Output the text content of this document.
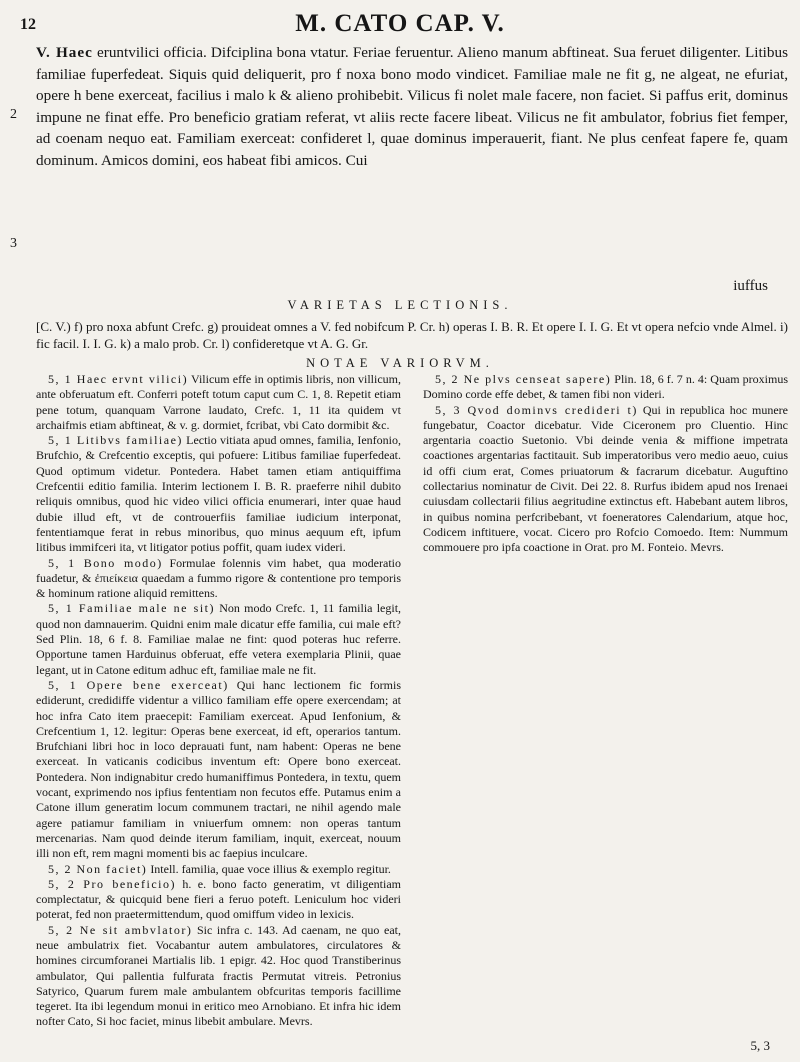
12	M. CATO CAP. V.

V. Haec eruntvilici officia. Difciplina bona vtatur. Feriae feruentur. Alieno manum abftineat. Sua feruet diligenter. Litibus familiae fuperfedeat. Siquis quid deliquerit, pro f noxa bono modo vindicet. Familiae male ne fit g, ne algeat, ne efuriat, opere h bene exerceat, facilius i malo k & alieno prohibebit. Vilicus fi nolet male facere, non faciet. Si paffus erit, dominus impune ne finat effe. Pro beneficio gratiam referat, vt aliis recte facere libeat. Vilicus ne fit ambulator, fobrius fiet femper, ad coenam nequo eat. Familiam exerceat: confideret l, quae dominus imperauerit, fiant. Ne plus cenfeat fapere fe, quam dominum. Amicos domini, eos habeat fibi amicos. Cui

2
3
iuffus
VARIETAS LECTIONIS.

[C. V.) f) pro noxa abfunt Crefc. g) prouideat omnes a V. fed nobifcum P. Cr. h) operas I. B. R. Et opere I. I. G. Et vt opera nefcio vnde Almel. i) fic facil. I. I. G. k) a malo prob. Cr. l) confideretque vt A. G. Gr.

NOTAE VARIORVM.

5, 1 Haec ervnt vilici) Vilicum effe in optimis libris, non villicum, ante obferuatum eft. Conferri poteft totum caput cum C. 1, 8. Repetit etiam pene totum, quanquam Varrone laudato, Crefc. 1, 11 ita quidem vt archaifmis etiam abftineat, & v. g. dormiet, fcribat, vbi Cato dormibit &c.

5, 1 Litibvs familiae) Lectio vitiata apud omnes, familia, Ienfonio, Brufchio, & Crefcentio exceptis, qui pofuere: Litibus familiae fuperfedeat. Quod optimum videtur. Pontedera. Habet tamen etiam antiquiffima Crefcentii editio familia. Interim lectionem I. B. R. praeferre nihil dubito reliquis omnibus, quod hic video vilici officia enumerari, inter quae haud dubie illud eft, vt de controuerfiis familiae iudicium interponat, fententiamque ferat in rebus minoribus, quo minus aequum eft, ipfum litibus immifceri ita, vt litigator potius poffit, quam iudex videri.

5, 1 Bono modo) Formulae folennis vim habet, qua moderatio fuadetur, & ἐπιείκεια quaedam a fummo rigore & contentione pro temporis & hominum ratione aliquid remittens.

5, 1 Familiae male ne sit) Non modo Crefc. 1, 11 familia legit, quod non damnauerim. Quidni enim male dicatur effe familia, cui male eft? Sed Plin. 18, 6 f. 8. Familiae malae ne fint: quod poteras huc referre. Opportune tamen Harduinus obferuat, effe vetera exemplaria Plinii, quae legant, ut in Catone editum adhuc eft, familiae male ne fit.

5, 1 Opere bene exerceat) Qui hanc lectionem fic formis ediderunt, credidiffe videntur a villico familiam effe opere exercendam; at hoc infra Cato item praecepit: Familiam exerceat. Apud Ienfonium, & Crefcentium 1, 12. legitur: Operas bene exerceat, id eft, operarios tantum. Brufchiani libri hoc in loco deprauati funt, nam habent: Operas ne bene exerceat. In vaticanis codicibus inventum eft: Opere bono exerceat. Pontedera. Non indignabitur credo humaniffimus Pontedera, in textu, quem vocant, exprimendo nos ipfius fententiam non fecutos effe. Putamus enim a Catone illum generatim locum communem tractari, ne nihil agendo male agere patiamur familiam in vniuerfum omnem: non operas tantum mercenarias. Nam quod deinde iterum familiam, inquit, exerceat, nouum illi non eft, rem magni momenti bis ac faepius inculcare.

5, 2 Non faciet) Intell. familia, quae voce illius & exemplo regitur.

5, 2 Pro beneficio) h. e. bono facto generatim, vt diligentiam complectatur, & quicquid bene fieri a feruo poteft. Leniculum hoc videri poterat, fed non praetermittendum, quod omiffum video in lexicis.

5, 2 Ne sit ambvlator) Sic infra c. 143. Ad caenam, ne quo eat, neue ambulatrix fiet. Vocabantur autem ambulatores, circulatores & homines circumforanei Martialis lib. 1 epigr. 42. Hoc quod Transtiberinus ambulator, Qui pallentia fulfurata fractis Permutat vitreis. Petronius Satyrico, Quarum furem male ambulantem obfcuritas temporis facillime tegeret. Ita ibi legendum monui in eritico meo Arnobiano. Et infra hic idem nofter Cato, Si hoc faciet, minus libebit ambulare. Mevrs.

5, 2 Ne plvs censeat sapere) Plin. 18, 6 f. 7 n. 4: Quam proximus Domino corde effe debet, & tamen fibi non videri.

5, 3 Qvod dominvs credideri t) Qui in republica hoc munere fungebatur, Coactor dicebatur. Vide Ciceronem pro Cluentio. Hinc argentaria coactio Suetonio. Vbi deinde venia & miffione impetrata coactiones argentarias factitauit. Sub imperatoribus vero medio aeuo, cuius id offi cium erat, Comes priuatorum & facrarum dicebatur. Auguftino collectarius nominatur de Civit. Dei 22. 8. Rurfus ibidem apud nos Irenaei cuiusdam collectarii filius aegritudine extinctus eft. Habebant autem libros, in quibus nomina perfcribebant, vt foeneratores Calendarium, atque hoc, Codicem inftituere, vocat. Cicero pro Rofcio Comoedo. Item: Nummum commouere pro ipfa coactione in Orat. pro M. Fonteio. Mevrs.

5, 3
